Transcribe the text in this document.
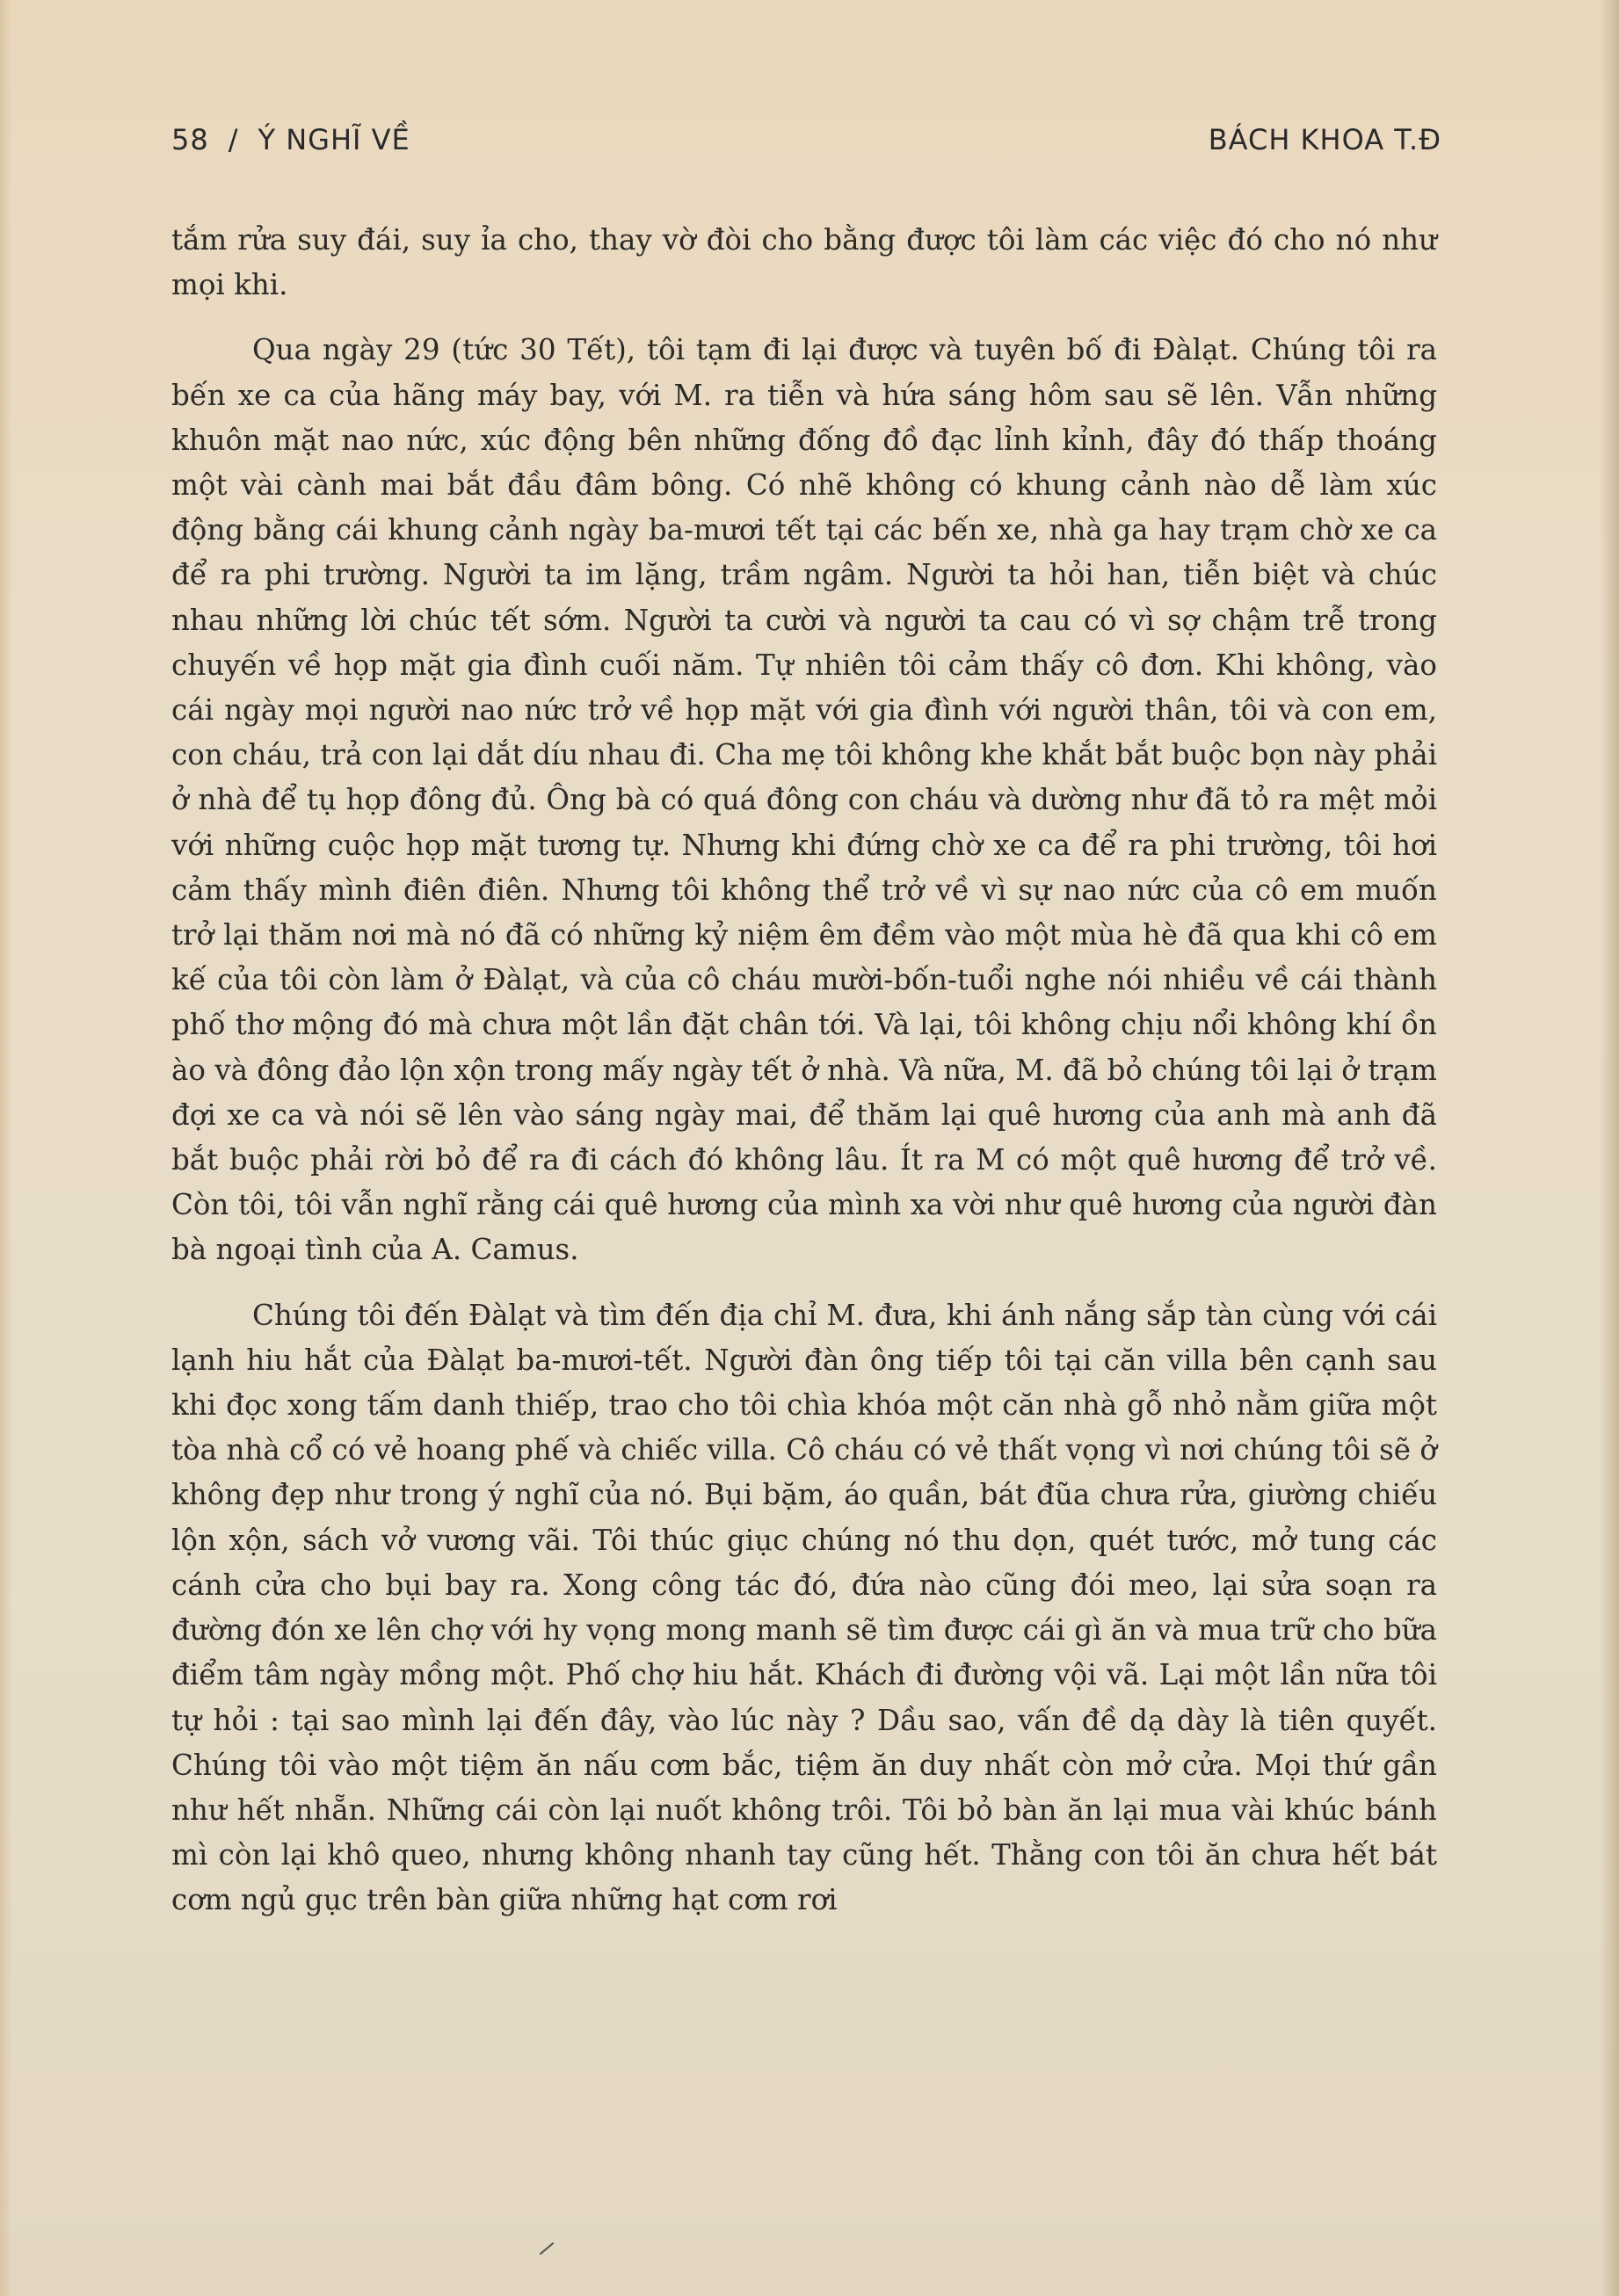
58 / Ý NGHĨ VỀ	BÁCH KHOA T.Đ

tắm rửa suy đái, suy ỉa cho, thay vờ đòi cho bằng được tôi làm các việc đó cho nó như mọi khi.

Qua ngày 29 (tức 30 Tết), tôi tạm đi lại được và tuyên bố đi Đàlạt. Chúng tôi ra bến xe ca của hãng máy bay, với M. ra tiễn và hứa sáng hôm sau sẽ lên. Vẫn những khuôn mặt nao nức, xúc động bên những đống đồ đạc lỉnh kỉnh, đây đó thấp thoáng một vài cành mai bắt đầu đâm bông. Có nhẽ không có khung cảnh nào dễ làm xúc động bằng cái khung cảnh ngày ba-mươi tết tại các bến xe, nhà ga hay trạm chờ xe ca để ra phi trường. Người ta im lặng, trầm ngâm. Người ta hỏi han, tiễn biệt và chúc nhau những lời chúc tết sớm. Người ta cười và người ta cau có vì sợ chậm trễ trong chuyến về họp mặt gia đình cuối năm. Tự nhiên tôi cảm thấy cô đơn. Khi không, vào cái ngày mọi người nao nức trở về họp mặt với gia đình với người thân, tôi và con em, con cháu, trả con lại dắt díu nhau đi. Cha mẹ tôi không khe khắt bắt buộc bọn này phải ở nhà để tụ họp đông đủ. Ông bà có quá đông con cháu và dường như đã tỏ ra mệt mỏi với những cuộc họp mặt tương tự. Nhưng khi đứng chờ xe ca để ra phi trường, tôi hơi cảm thấy mình điên điên. Nhưng tôi không thể trở về vì sự nao nức của cô em muốn trở lại thăm nơi mà nó đã có những kỷ niệm êm đềm vào một mùa hè đã qua khi cô em kế của tôi còn làm ở Đàlạt, và của cô cháu mười-bốn-tuổi nghe nói nhiều về cái thành phố thơ mộng đó mà chưa một lần đặt chân tới. Và lại, tôi không chịu nổi không khí ồn ào và đông đảo lộn xộn trong mấy ngày tết ở nhà. Và nữa, M. đã bỏ chúng tôi lại ở trạm đợi xe ca và nói sẽ lên vào sáng ngày mai, để thăm lại quê hương của anh mà anh đã bắt buộc phải rời bỏ để ra đi cách đó không lâu. Ít ra M có một quê hương để trở về. Còn tôi, tôi vẫn nghĩ rằng cái quê hương của mình xa vời như quê hương của người đàn bà ngoại tình của A. Camus.

Chúng tôi đến Đàlạt và tìm đến địa chỉ M. đưa, khi ánh nắng sắp tàn cùng với cái lạnh hiu hắt của Đàlạt ba-mươi-tết. Người đàn ông tiếp tôi tại căn villa bên cạnh sau khi đọc xong tấm danh thiếp, trao cho tôi chìa khóa một căn nhà gỗ nhỏ nằm giữa một tòa nhà cổ có vẻ hoang phế và chiếc villa. Cô cháu có vẻ thất vọng vì nơi chúng tôi sẽ ở không đẹp như trong ý nghĩ của nó. Bụi bặm, áo quần, bát đũa chưa rửa, giường chiếu lộn xộn, sách vở vương vãi. Tôi thúc giục chúng nó thu dọn, quét tước, mở tung các cánh cửa cho bụi bay ra. Xong công tác đó, đứa nào cũng đói meo, lại sửa soạn ra đường đón xe lên chợ với hy vọng mong manh sẽ tìm được cái gì ăn và mua trữ cho bữa điểm tâm ngày mồng một. Phố chợ hiu hắt. Khách đi đường vội vã. Lại một lần nữa tôi tự hỏi : tại sao mình lại đến đây, vào lúc này ? Dầu sao, vấn đề dạ dày là tiên quyết. Chúng tôi vào một tiệm ăn nấu cơm bắc, tiệm ăn duy nhất còn mở cửa. Mọi thứ gần như hết nhẵn. Những cái còn lại nuốt không trôi. Tôi bỏ bàn ăn lại mua vài khúc bánh mì còn lại khô queo, nhưng không nhanh tay cũng hết. Thằng con tôi ăn chưa hết bát cơm ngủ gục trên bàn giữa những hạt cơm rơi
